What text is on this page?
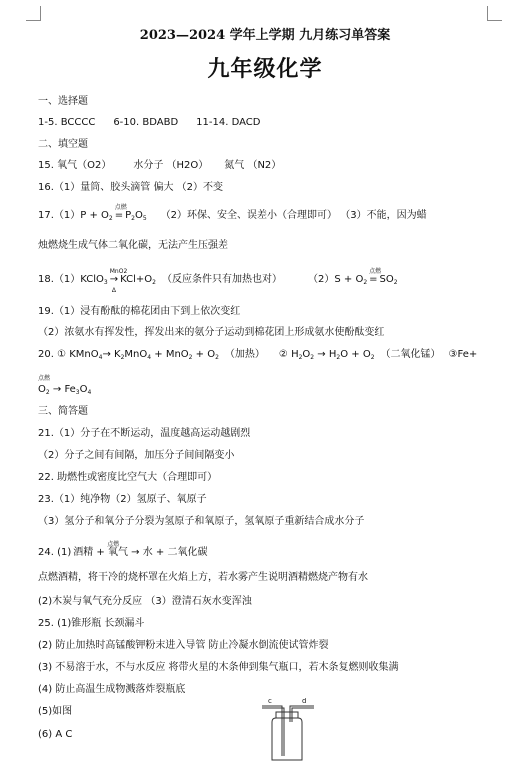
2023—2024 学年上学期 九月练习单答案
九年级化学
一、选择题
1-5. BCCCC 6-10. BDABD 11-14. DACD
二、填空题
15. 氧气（O2） 水分子 （H2O） 氮气 （N2）
16.（1）量筒、胶头滴管 偏大 （2）不变
$17.(1)P + O_2$
点燃
= $P_2O_5$ （2）环保、安全、误差小（合理即可） （3）不能，因为蜡
烛燃烧生成气体二氧化碳，无法产生压强差
18.（1）KClO$_3$
MnO2
→
Δ
$KCl+O_2$ （反应条件只有加热也对）	$(2)S + O_2$
点燃
= $SO_2$
19.（1）浸有酚酞的棉花团由下到上依次变红
（2）浓氨水有挥发性，挥发出来的氨分子运动到棉花团上形成氨水使酚酞变红
20. ① KMnO$_4$→ $K_2MnO_4 + MnO_2 + O_2$ （加热） ② $H_2O_2 \to H_2O + O_2$ （二氧化锰） ③Fe+
点燃
$O_2 \to Fe_3O_4$
三、简答题
21.（1）分子在不断运动，温度越高运动越剧烈
（2）分子之间有间隔，加压分子间间隔变小
22. 助燃性或密度比空气大（合理即可）
23.（1）纯净物（2）氢原子、氧原子
（3）氢分子和氧分子分裂为氢原子和氧原子，氢氧原子重新结合成水分子
24. (1)
点燃
酒精 + 氧气 → 水 + 二氧化碳
点燃酒精，将干冷的烧杯罩在火焰上方，若水雾产生说明酒精燃烧产物有水
(2)木炭与氧气充分反应 （3）澄清石灰水变浑浊
25. (1)锥形瓶 长颈漏斗
(2) 防止加热时高锰酸钾粉末进入导管 防止冷凝水倒流使试管炸裂
(3) 不易溶于水，不与水反应 将带火星的木条伸到集气瓶口，若木条复燃则收集满
(4) 防止高温生成物溅落炸裂瓶底
(5)如图
(6) A C
c	d
